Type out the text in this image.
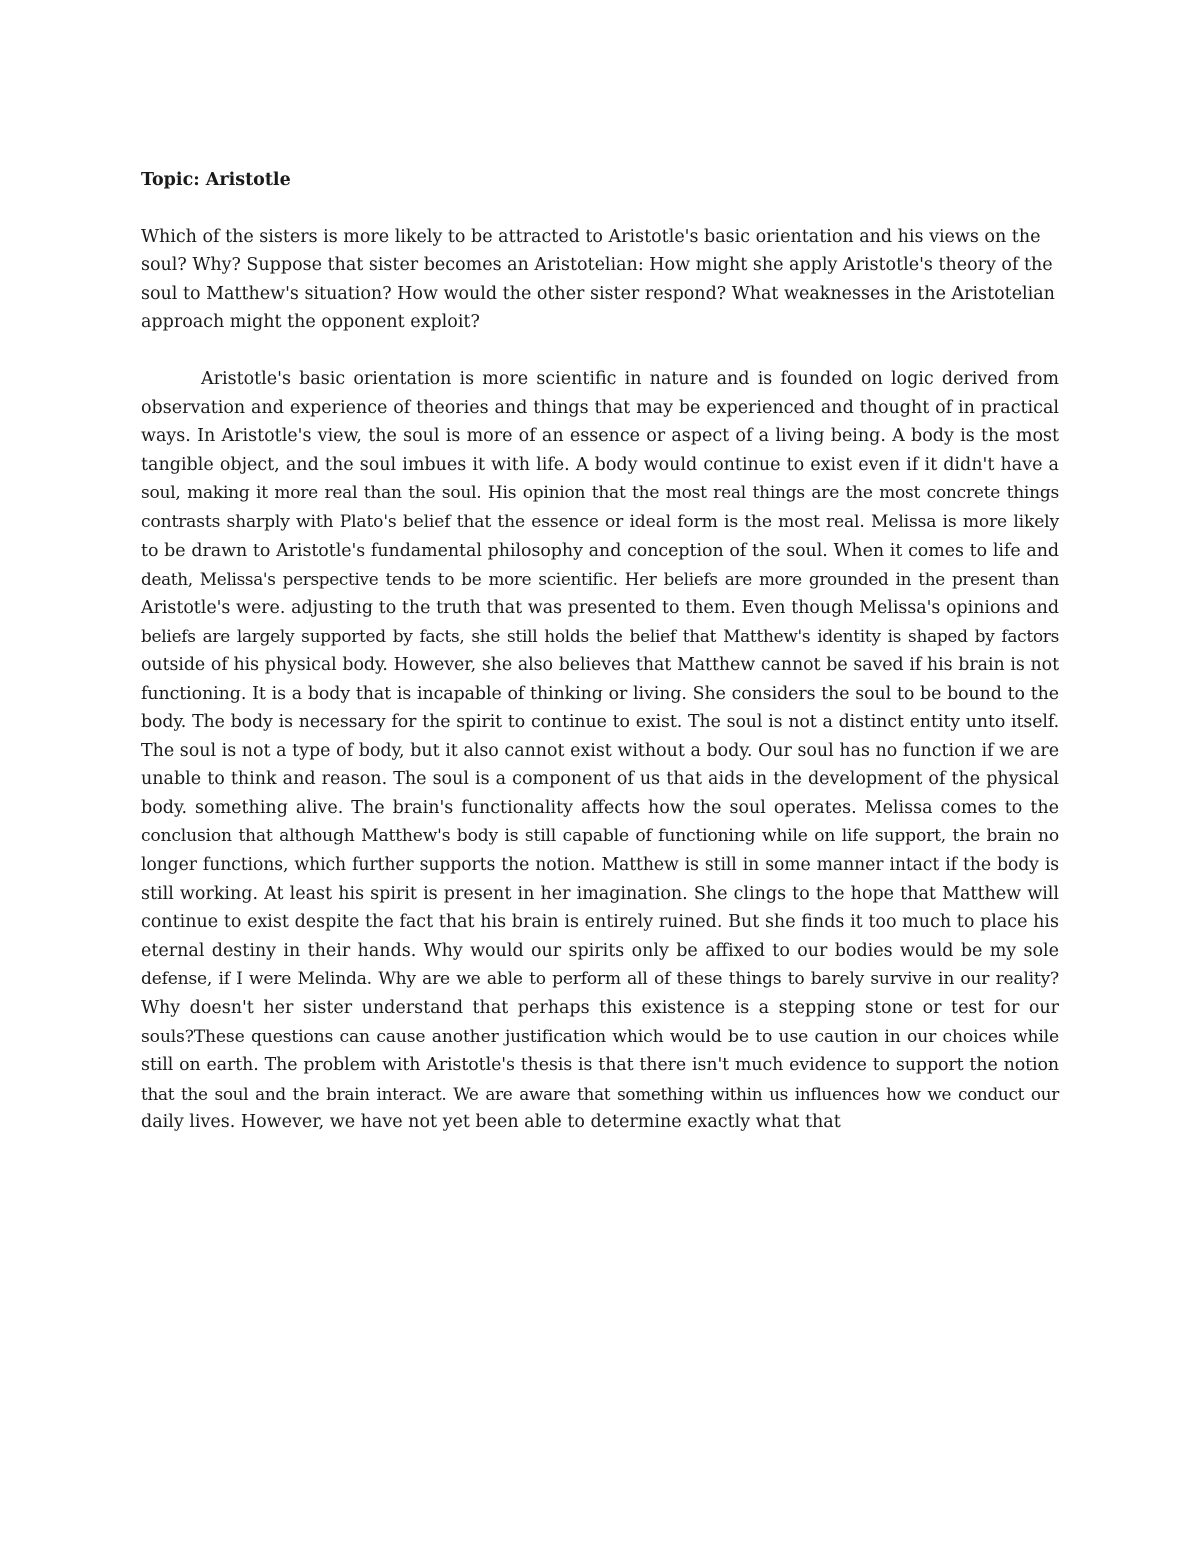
Topic: Aristotle
Which of the sisters is more likely to be attracted to Aristotle's basic orientation and his views on the
soul? Why? Suppose that sister becomes an Aristotelian: How might she apply Aristotle's theory of the
soul to Matthew's situation? How would the other sister respond? What weaknesses in the Aristotelian
approach might the opponent exploit?
Aristotle's basic orientation is more scientific in nature and is founded on logic derived from
observation and experience of theories and things that may be experienced and thought of in practical
ways. In Aristotle's view, the soul is more of an essence or aspect of a living being. A body is the most
tangible object, and the soul imbues it with life. A body would continue to exist even if it didn't have a
soul, making it more real than the soul. His opinion that the most real things are the most concrete things
contrasts sharply with Plato's belief that the essence or ideal form is the most real. Melissa is more likely
to be drawn to Aristotle's fundamental philosophy and conception of the soul. When it comes to life and
death, Melissa's perspective tends to be more scientific. Her beliefs are more grounded in the present than
Aristotle's were. adjusting to the truth that was presented to them. Even though Melissa's opinions and
beliefs are largely supported by facts, she still holds the belief that Matthew's identity is shaped by factors
outside of his physical body. However, she also believes that Matthew cannot be saved if his brain is not
functioning. It is a body that is incapable of thinking or living. She considers the soul to be bound to the
body. The body is necessary for the spirit to continue to exist. The soul is not a distinct entity unto itself.
The soul is not a type of body, but it also cannot exist without a body. Our soul has no function if we are
unable to think and reason. The soul is a component of us that aids in the development of the physical
body. something alive. The brain's functionality affects how the soul operates. Melissa comes to the
conclusion that although Matthew's body is still capable of functioning while on life support, the brain no
longer functions, which further supports the notion. Matthew is still in some manner intact if the body is
still working. At least his spirit is present in her imagination. She clings to the hope that Matthew will
continue to exist despite the fact that his brain is entirely ruined. But she finds it too much to place his
eternal destiny in their hands. Why would our spirits only be affixed to our bodies would be my sole
defense, if I were Melinda. Why are we able to perform all of these things to barely survive in our reality?
Why doesn't her sister understand that perhaps this existence is a stepping stone or test for our
souls?These questions can cause another justification which would be to use caution in our choices while
still on earth. The problem with Aristotle's thesis is that there isn't much evidence to support the notion
that the soul and the brain interact. We are aware that something within us influences how we conduct our
daily lives. However, we have not yet been able to determine exactly what that
